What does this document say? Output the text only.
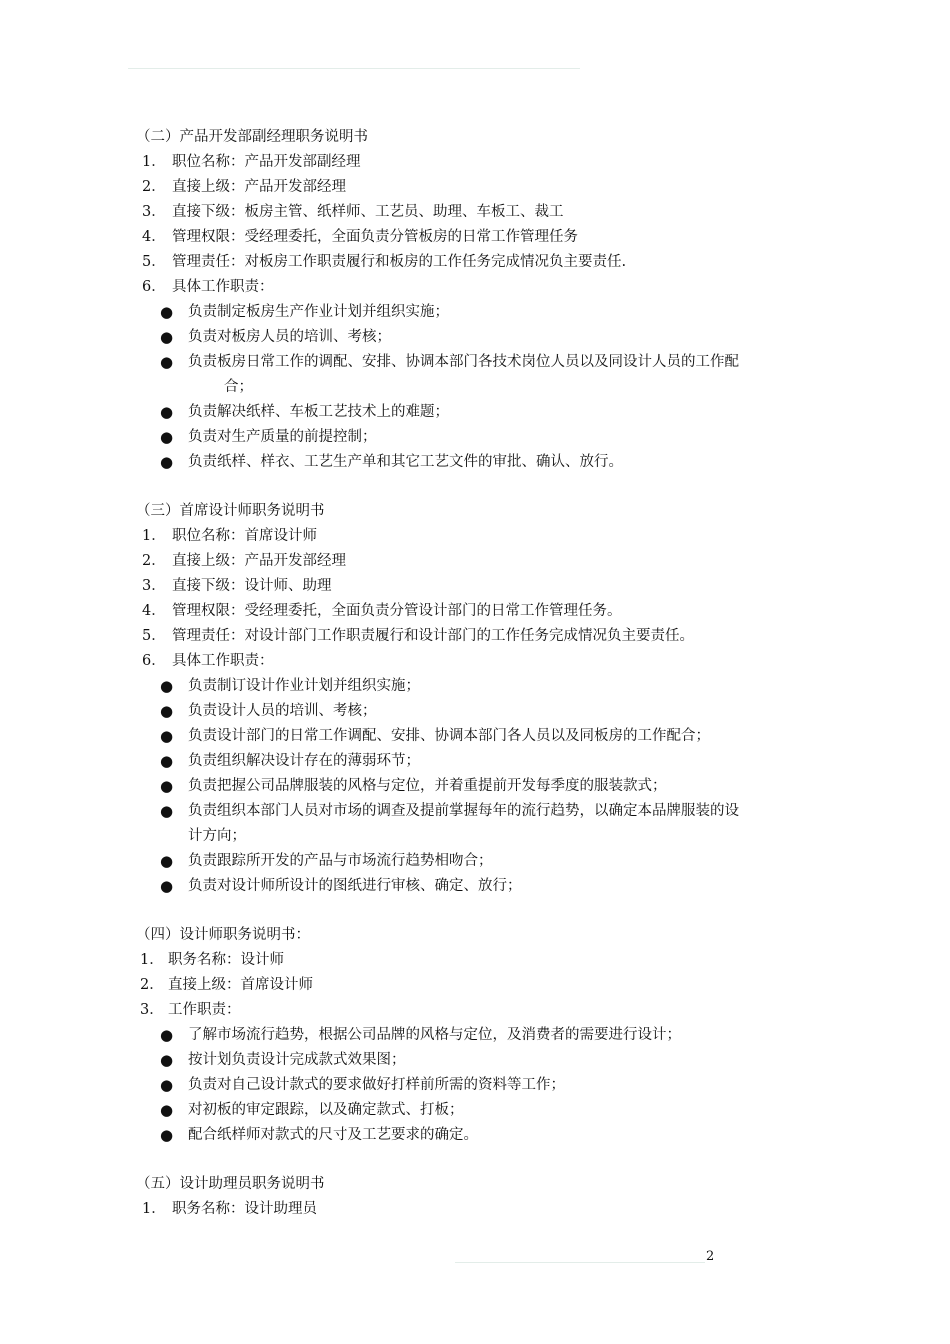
（二）产品开发部副经理职务说明书
1． 职位名称：产品开发部副经理
2． 直接上级：产品开发部经理
3． 直接下级：板房主管、纸样师、工艺员、助理、车板工、裁工
4． 管理权限：受经理委托，全面负责分管板房的日常工作管理任务
5． 管理责任：对板房工作职责履行和板房的工作任务完成情况负主要责任.
6． 具体工作职责：
●	负责制定板房生产作业计划并组织实施；
●	负责对板房人员的培训、考核；
●	负责板房日常工作的调配、安排、协调本部门各技术岗位人员以及同设计人员的工作配
合；
●	负责解决纸样、车板工艺技术上的难题；
●	负责对生产质量的前提控制；
●	负责纸样、样衣、工艺生产单和其它工艺文件的审批、确认、放行。
（三）首席设计师职务说明书
1． 职位名称：首席设计师
2． 直接上级：产品开发部经理
3． 直接下级：设计师、助理
4． 管理权限：受经理委托，全面负责分管设计部门的日常工作管理任务。
5． 管理责任：对设计部门工作职责履行和设计部门的工作任务完成情况负主要责任。
6． 具体工作职责：
●	负责制订设计作业计划并组织实施；
●	负责设计人员的培训、考核；
●	负责设计部门的日常工作调配、安排、协调本部门各人员以及同板房的工作配合；
●	负责组织解决设计存在的薄弱环节；
●	负责把握公司品牌服装的风格与定位，并着重提前开发每季度的服装款式；
●	负责组织本部门人员对市场的调查及提前掌握每年的流行趋势，以确定本品牌服装的设
计方向；
●	负责跟踪所开发的产品与市场流行趋势相吻合；
●	负责对设计师所设计的图纸进行审核、确定、放行；
（四）设计师职务说明书：
1． 职务名称：设计师
2． 直接上级：首席设计师
3． 工作职责：
●	了解市场流行趋势，根据公司品牌的风格与定位，及消费者的需要进行设计；
●	按计划负责设计完成款式效果图；
●	负责对自己设计款式的要求做好打样前所需的资料等工作；
●	对初板的审定跟踪，以及确定款式、打板；
●	配合纸样师对款式的尺寸及工艺要求的确定。
（五）设计助理员职务说明书
1． 职务名称：设计助理员
2
